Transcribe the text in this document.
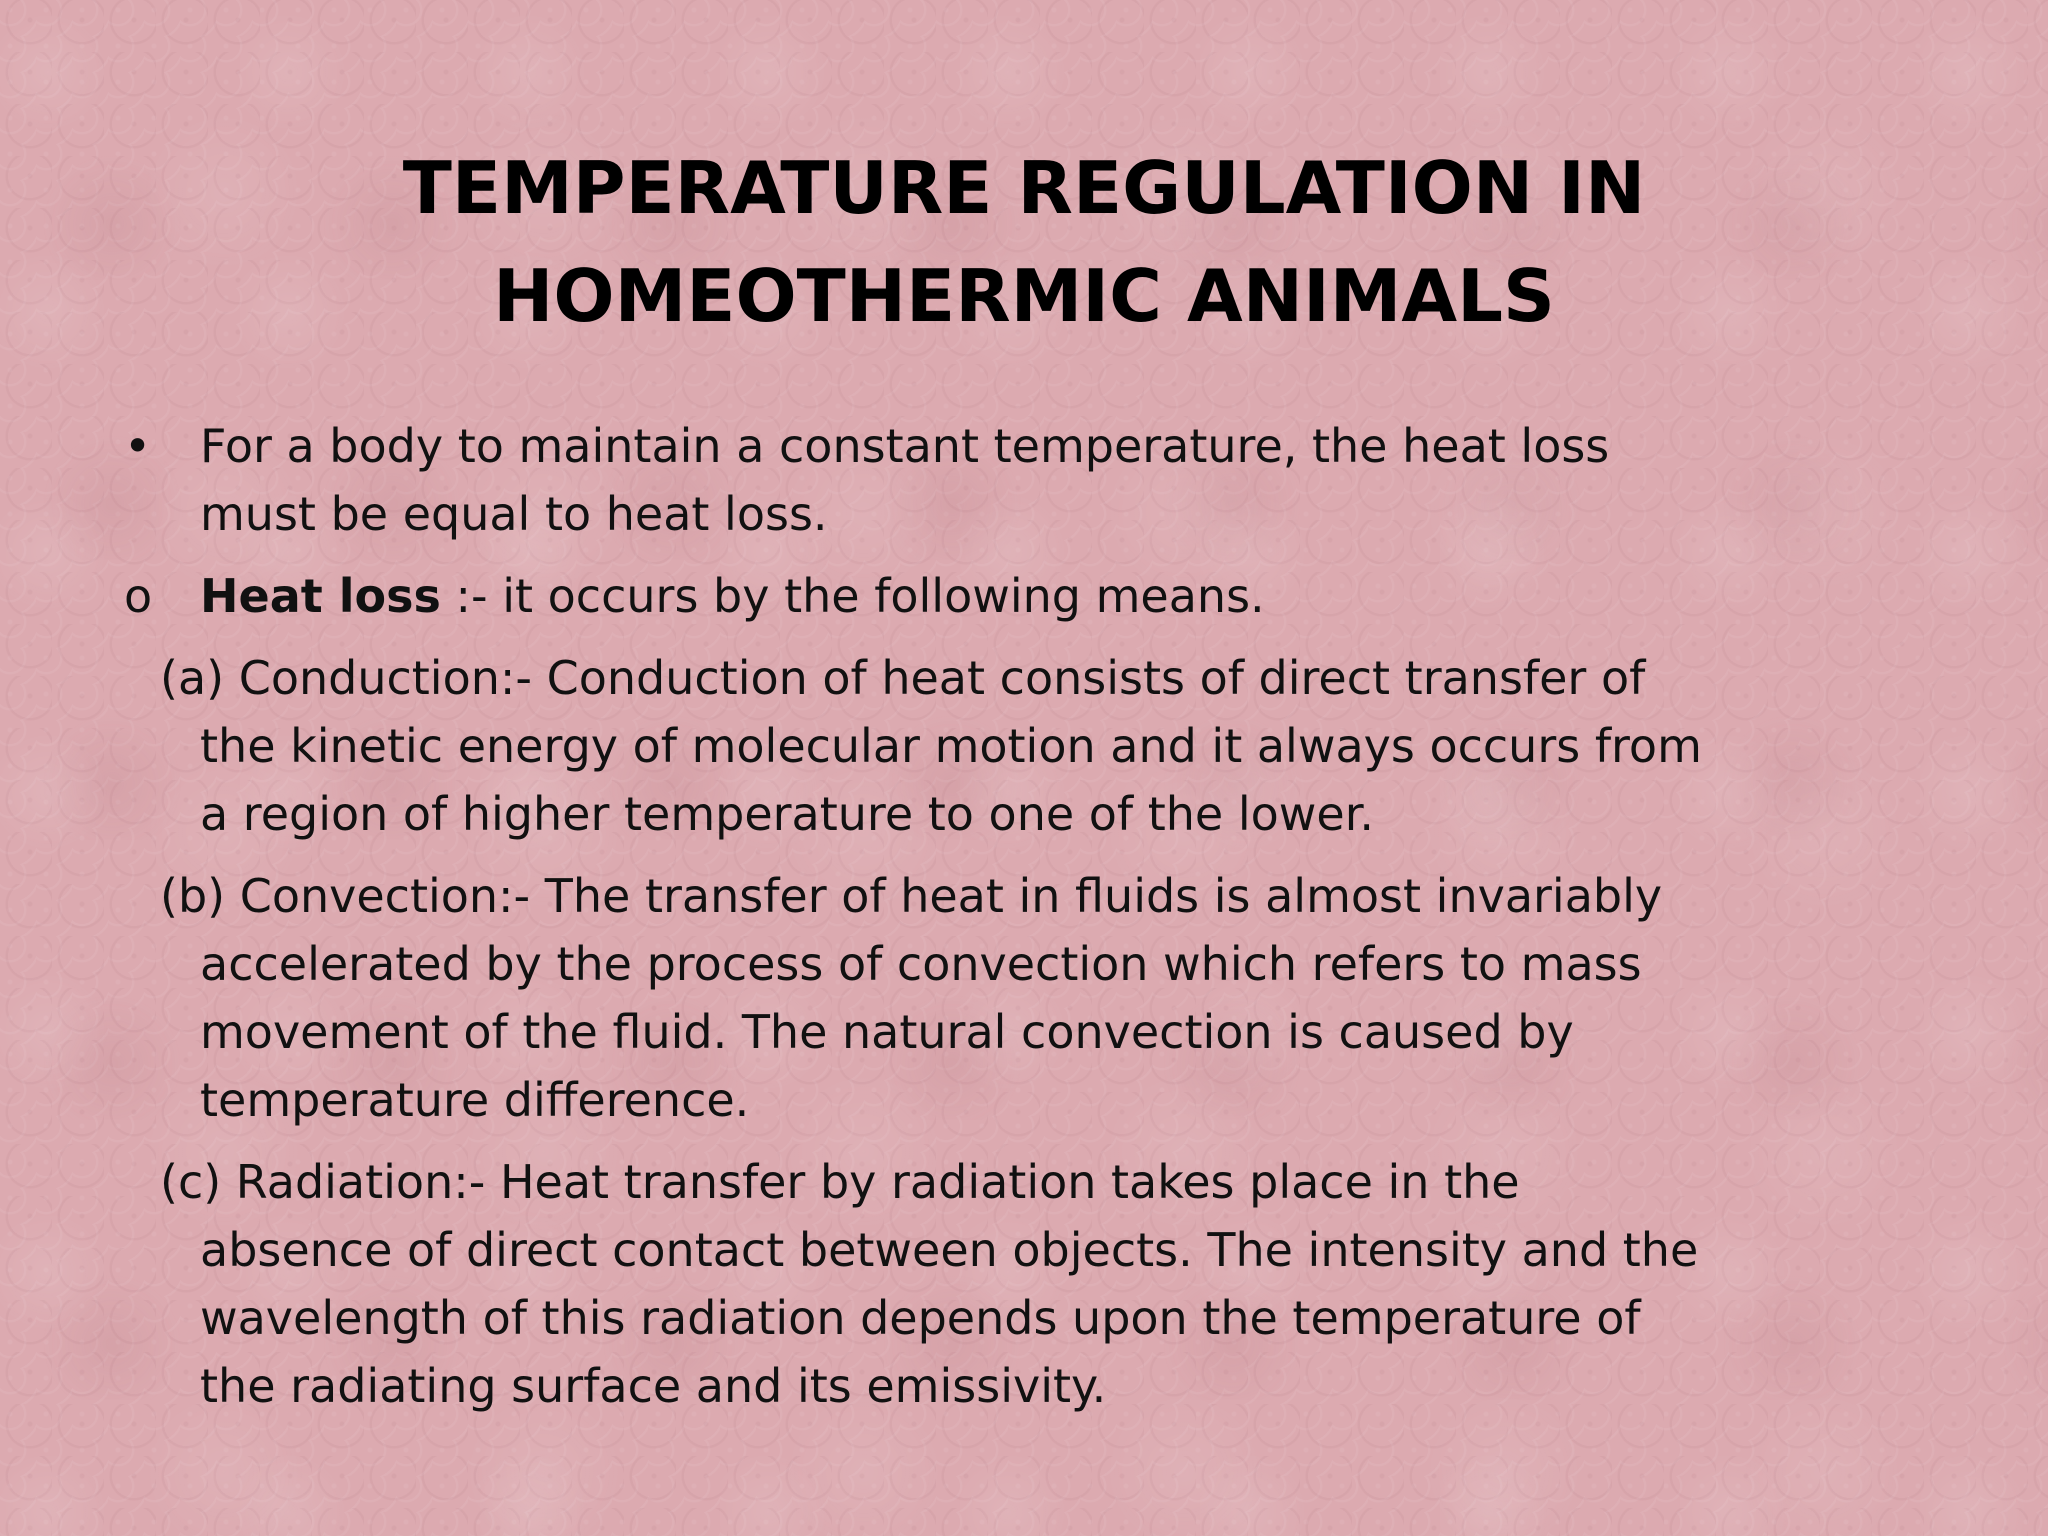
TEMPERATURE REGULATION IN
HOMEOTHERMIC ANIMALS
•	For a body to maintain a constant temperature, the heat loss must be equal to heat loss.
o	Heat loss :- it occurs by the following means.
(a) Conduction:- Conduction of heat consists of direct transfer of the kinetic energy of molecular motion and it always occurs from a region of higher temperature to one of the lower.
(b) Convection:- The transfer of heat in fluids is almost invariably accelerated by the process of convection which refers to mass movement of the fluid. The natural convection is caused by temperature difference.
(c) Radiation:- Heat transfer by radiation takes place in the absence of direct contact between objects. The intensity and the wavelength of this radiation depends upon the temperature of the radiating surface and its emissivity.
